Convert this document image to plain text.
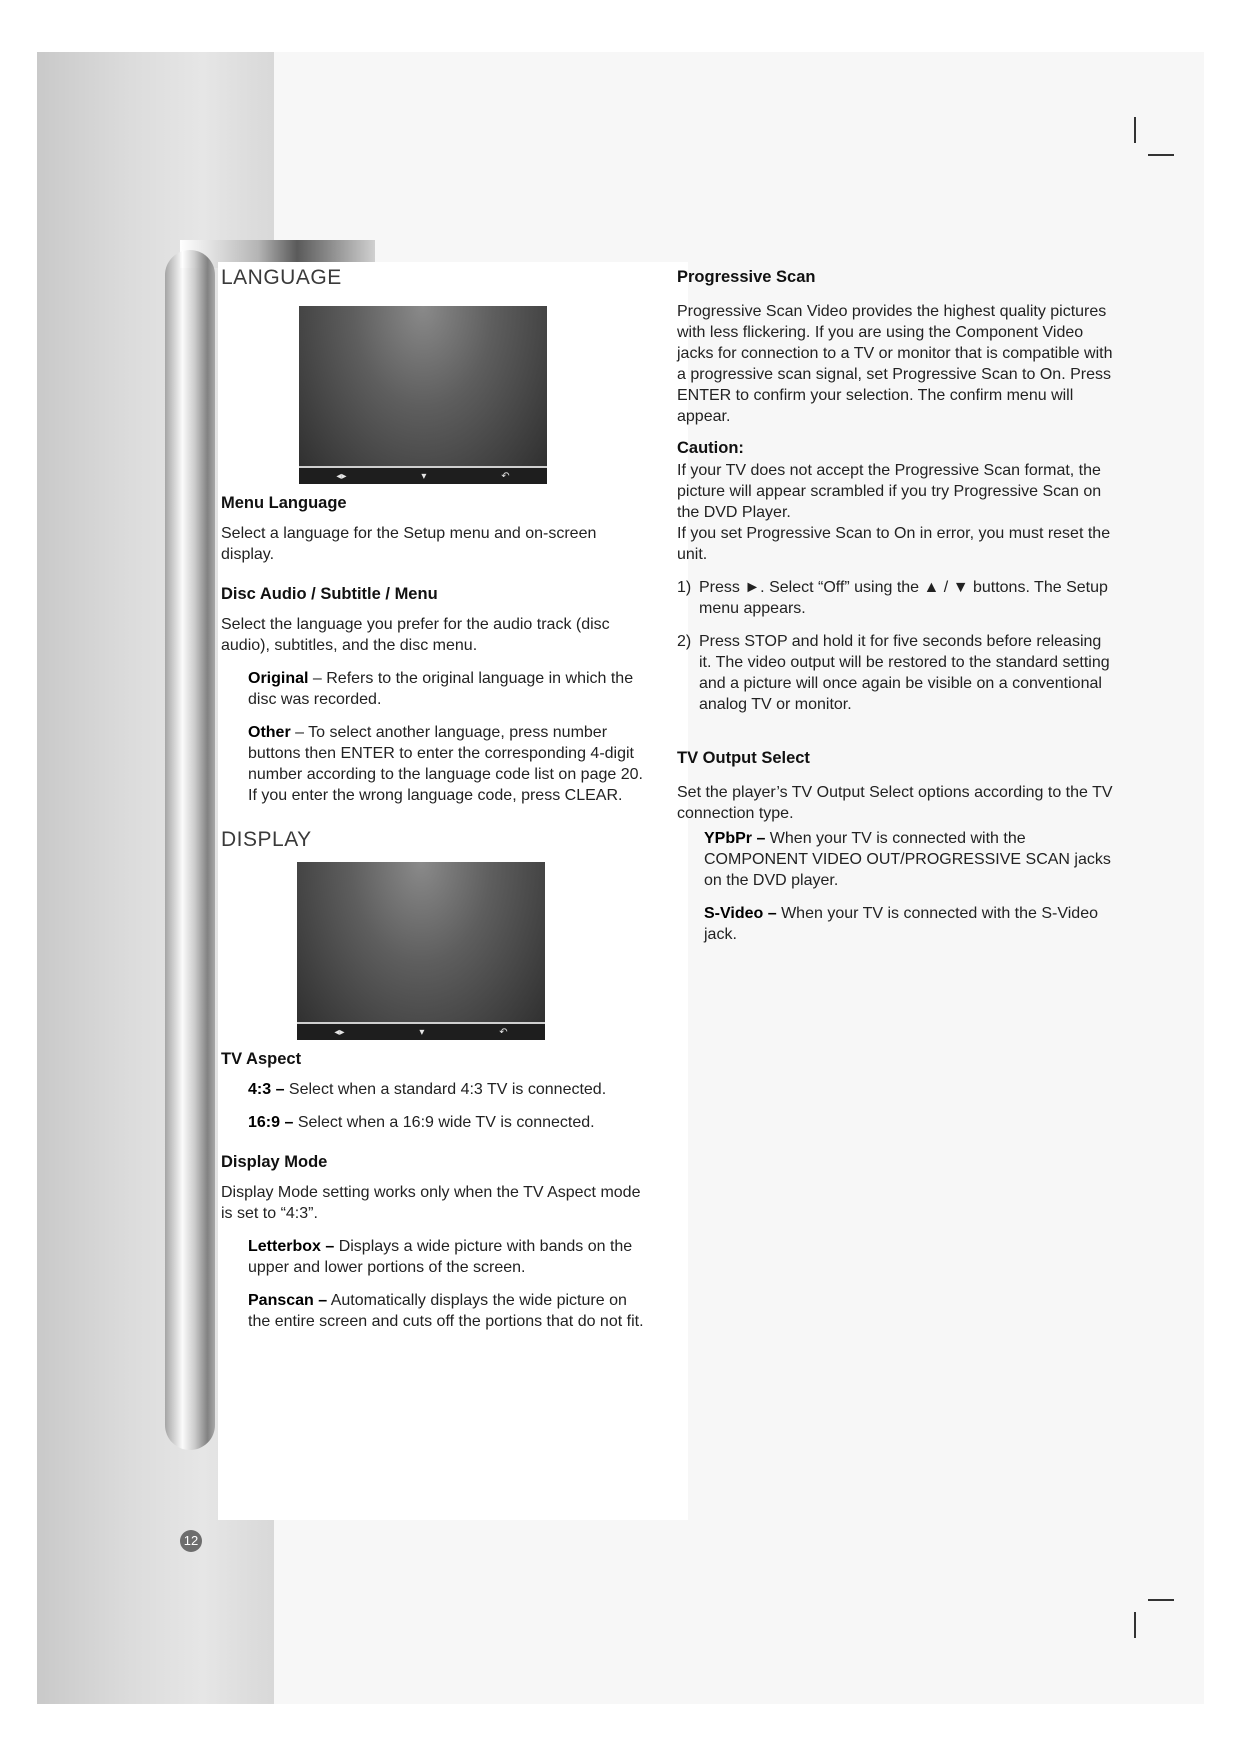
12
LANGUAGE
◂▸	▾	↶
Menu Language

Select a language for the Setup menu and on-screen display.

Disc Audio / Subtitle / Menu

Select the language you prefer for the audio track (disc audio), subtitles, and the disc menu.

Original – Refers to the original language in which the disc was recorded.

Other – To select another language, press number buttons then ENTER to enter the corresponding 4-digit number according to the language code list on page 20. If you enter the wrong language code, press CLEAR.

DISPLAY
◂▸	▾	↶
TV Aspect

4:3 – Select when a standard 4:3 TV is connected.

16:9 – Select when a 16:9 wide TV is connected.

Display Mode

Display Mode setting works only when the TV Aspect mode is set to “4:3”.

Letterbox – Displays a wide picture with bands on the upper and lower portions of the screen.

Panscan – Automatically displays the wide picture on the entire screen and cuts off the portions that do not fit.

Progressive Scan

Progressive Scan Video provides the highest quality pictures with less flickering. If you are using the Component Video jacks for connection to a TV or monitor that is compatible with a progressive scan signal, set Progressive Scan to On. Press ENTER to confirm your selection. The confirm menu will appear.

Caution:

If your TV does not accept the Progressive Scan format, the picture will appear scrambled if you try Progressive Scan on the DVD Player.

If you set Progressive Scan to On in error, you must reset the unit.

1) Press ►. Select “Off” using the ▲ / ▼ buttons. The Setup menu appears.
2) Press STOP and hold it for five seconds before releasing it. The video output will be restored to the standard setting and a picture will once again be visible on a conventional analog TV or monitor.
TV Output Select

Set the player’s TV Output Select options according to the TV connection type.

YPbPr – When your TV is connected with the COMPONENT VIDEO OUT/PROGRESSIVE SCAN jacks on the DVD player.

S-Video – When your TV is connected with the S-Video jack.
